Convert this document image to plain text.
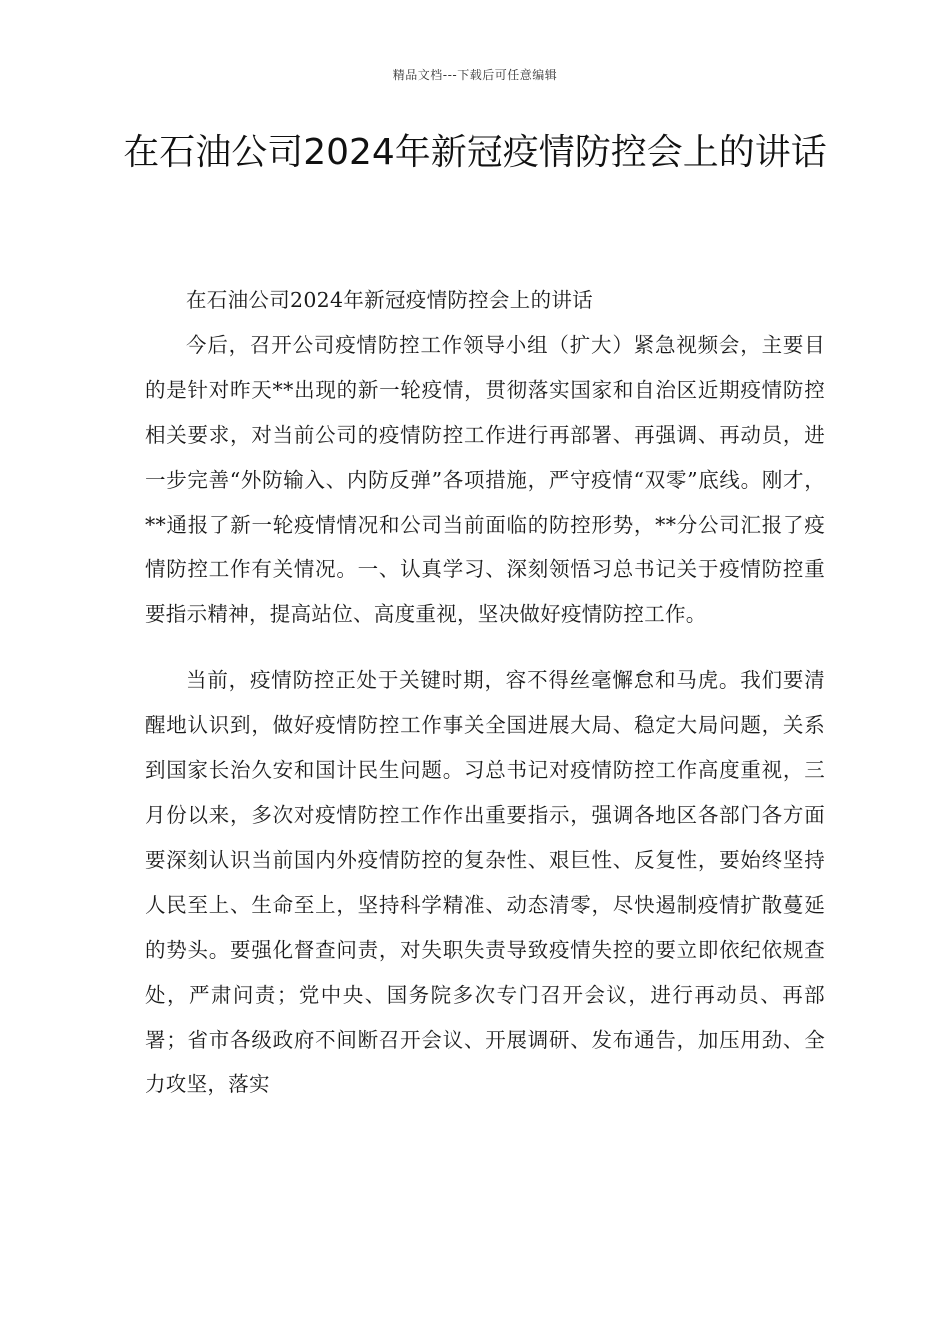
精品文档---下载后可任意编辑
在石油公司2024年新冠疫情防控会上的讲话

在石油公司2024年新冠疫情防控会上的讲话

今后，召开公司疫情防控工作领导小组（扩大）紧急视频会，主要目的是针对昨天**出现的新一轮疫情，贯彻落实国家和自治区近期疫情防控相关要求，对当前公司的疫情防控工作进行再部署、再强调、再动员，进一步完善“外防输入、内防反弹”各项措施，严守疫情“双零”底线。刚才，**通报了新一轮疫情情况和公司当前面临的防控形势，**分公司汇报了疫情防控工作有关情况。一、认真学习、深刻领悟习总书记关于疫情防控重要指示精神，提高站位、高度重视，坚决做好疫情防控工作。

当前，疫情防控正处于关键时期，容不得丝毫懈怠和马虎。我们要清醒地认识到，做好疫情防控工作事关全国进展大局、稳定大局问题，关系到国家长治久安和国计民生问题。习总书记对疫情防控工作高度重视，三月份以来，多次对疫情防控工作作出重要指示，强调各地区各部门各方面要深刻认识当前国内外疫情防控的复杂性、艰巨性、反复性，要始终坚持人民至上、生命至上，坚持科学精准、动态清零，尽快遏制疫情扩散蔓延的势头。要强化督查问责，对失职失责导致疫情失控的要立即依纪依规查处，严肃问责；党中央、国务院多次专门召开会议，进行再动员、再部署；省市各级政府不间断召开会议、开展调研、发布通告，加压用劲、全力攻坚，落实
